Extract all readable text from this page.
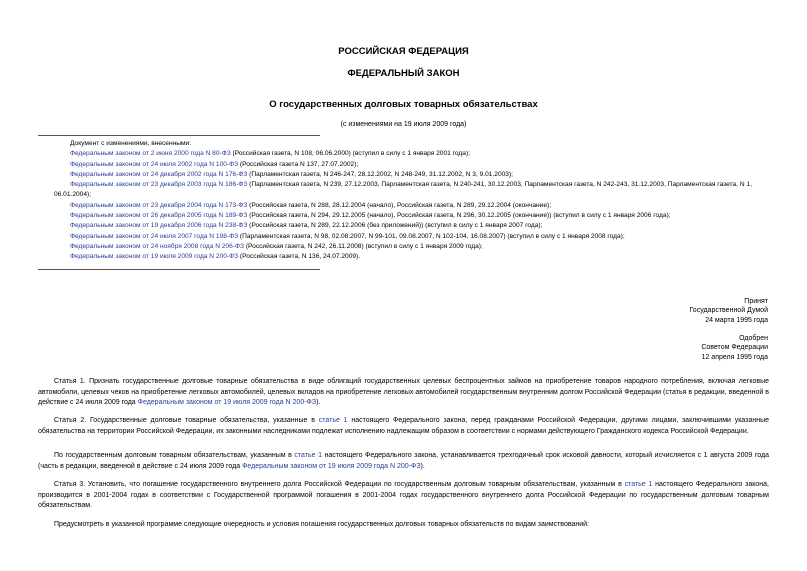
РОССИЙСКАЯ ФЕДЕРАЦИЯ
ФЕДЕРАЛЬНЫЙ ЗАКОН
О государственных долговых товарных обязательствах
(с изменениями на 19 июля 2009 года)
Документ с изменениями, внесенными:
Федеральным законом от 2 июня 2000 года N 80-ФЗ (Российская газета, N 108, 06.06.2000) (вступил в силу с 1 января 2001 года);
Федеральным законом от 24 июля 2002 года N 100-ФЗ (Российская газета N 137, 27.07.2002);
Федеральным законом от 24 декабря 2002 года N 176-ФЗ (Парламентская газета, N 246-247, 28.12.2002, N 248-249, 31.12.2002, N 3, 9.01.2003);
Федеральным законом от 23 декабря 2003 года N 186-ФЗ (Парламентская газета, N 239, 27.12.2003, Парламентская газета, N 240-241, 30.12.2003, Парламентская газета, N 242-243, 31.12.2003, Парламентская газета, N 1, 06.01.2004);
Федеральным законом от 23 декабря 2004 года N 173-ФЗ (Российская газета, N 288, 28.12.2004 (начало), Российская газета, N 289, 29.12.2004 (окончание);
Федеральным законом от 26 декабря 2005 года N 189-ФЗ (Российская газета, N 294, 29.12.2005 (начало), Российская газета, N 296, 30.12.2005 (окончание)) (вступил в силу с 1 января 2006 года);
Федеральным законом от 19 декабря 2006 года N 238-ФЗ (Российская газета, N 289, 22.12.2006 (без приложений)) (вступил в силу с 1 января 2007 года);
Федеральным законом от 24 июля 2007 года N 198-ФЗ (Парламентская газета, N 98, 02.08.2007, N 99-101, 09.08.2007, N 102-104, 16.08.2007) (вступил в силу с 1 января 2008 года);
Федеральным законом от 24 ноября 2008 года N 206-ФЗ (Российская газета, N 242, 26.11.2008) (вступил в силу с 1 января 2009 года);
Федеральным законом от 19 июля 2009 года N 200-ФЗ (Российская газета, N 136, 24.07.2009).
Принят
Государственной Думой
24 марта 1995 года
Одобрен
Советом Федерации
12 апреля 1995 года
Статья 1. Признать государственные долговые товарные обязательства в виде облигаций государственных целевых беспроцентных займов на приобретение товаров народного потребления, включая легковые автомобили, целевых чеков на приобретение легковых автомобилей, целевых вкладов на приобретение легковых автомобилей государственным внутренним долгом Российской Федерации (статья в редакции, введенной в действие с 24 июля 2009 года Федеральным законом от 19 июля 2009 года N 200-ФЗ).
Статья 2. Государственные долговые товарные обязательства, указанные в статье 1 настоящего Федерального закона, перед гражданами Российской Федерации, другими лицами, заключившими указанные обязательства на территории Российской Федерации, их законными наследниками подлежат исполнению надлежащим образом в соответствии с нормами действующего Гражданского кодекса Российской Федерации.
По государственным долговым товарным обязательствам, указанным в статье 1 настоящего Федерального закона, устанавливается трехгодичный срок исковой давности, который исчисляется с 1 августа 2009 года (часть в редакции, введенной в действие с 24 июля 2009 года Федеральным законом от 19 июля 2009 года N 200-ФЗ).
Статья 3. Установить, что погашение государственного внутреннего долга Российской Федерации по государственным долговым товарным обязательствам, указанным в статье 1 настоящего Федерального закона, производится в 2001-2004 годах в соответствии с Государственной программой погашения в 2001-2004 годах государственного внутреннего долга Российской Федерации по государственным долговым товарным обязательствам.
Предусмотреть в указанной программе следующие очередность и условия погашения государственных долговых товарных обязательств по видам заимствований:
